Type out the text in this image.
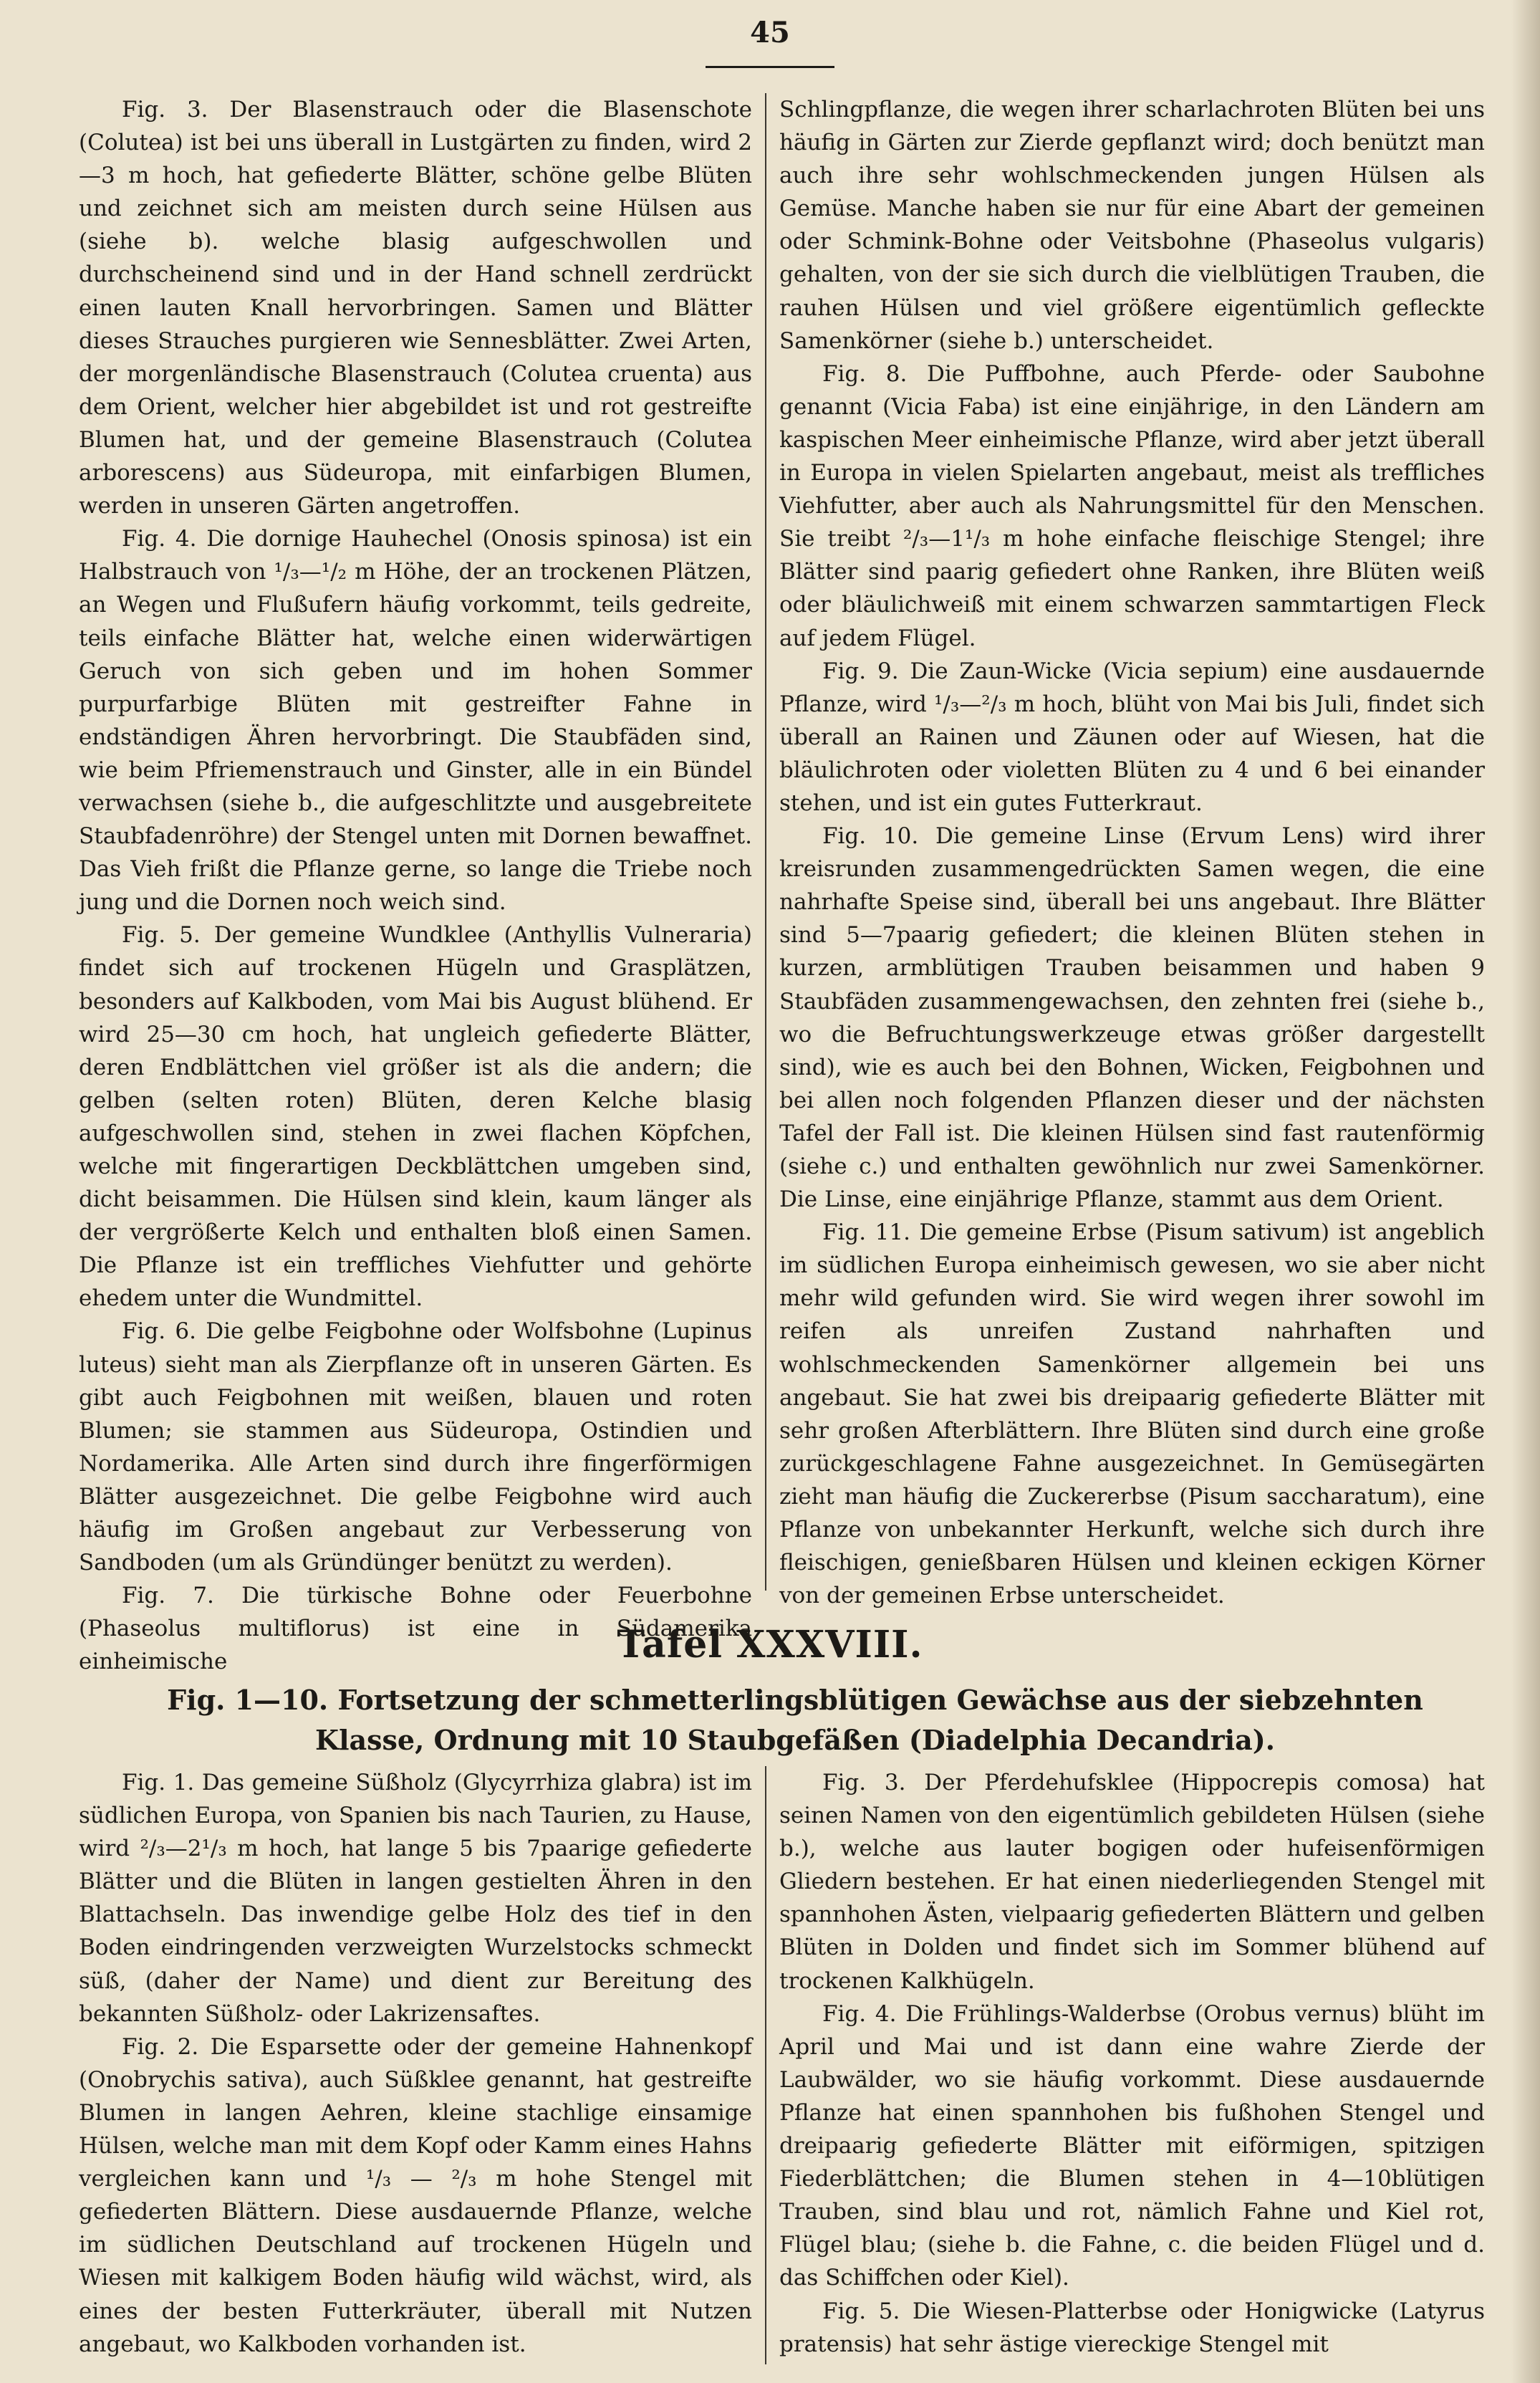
45

Fig. 3. Der Blasenstrauch oder die Blasenschote (Colutea) ist bei uns überall in Lustgärten zu finden, wird 2—3 m hoch, hat gefiederte Blätter, schöne gelbe Blüten und zeichnet sich am meisten durch seine Hülsen aus (siehe b). welche blasig aufgeschwollen und durchscheinend sind und in der Hand schnell zerdrückt einen lauten Knall hervorbringen. Samen und Blätter dieses Strauches purgieren wie Sennesblätter. Zwei Arten, der morgenländische Blasenstrauch (Colutea cruenta) aus dem Orient, welcher hier abgebildet ist und rot gestreifte Blumen hat, und der gemeine Blasenstrauch (Colutea arborescens) aus Südeuropa, mit einfarbigen Blumen, werden in unseren Gärten angetroffen.

Fig. 4. Die dornige Hauhechel (Onosis spinosa) ist ein Halbstrauch von ¹/₃—¹/₂ m Höhe, der an trockenen Plätzen, an Wegen und Flußufern häufig vorkommt, teils gedreite, teils einfache Blätter hat, welche einen widerwärtigen Geruch von sich geben und im hohen Sommer purpurfarbige Blüten mit gestreifter Fahne in endständigen Ähren hervorbringt. Die Staubfäden sind, wie beim Pfriemenstrauch und Ginster, alle in ein Bündel verwachsen (siehe b., die aufgeschlitzte und ausgebreitete Staubfadenröhre) der Stengel unten mit Dornen bewaffnet. Das Vieh frißt die Pflanze gerne, so lange die Triebe noch jung und die Dornen noch weich sind.

Fig. 5. Der gemeine Wundklee (Anthyllis Vulneraria) findet sich auf trockenen Hügeln und Grasplätzen, besonders auf Kalkboden, vom Mai bis August blühend. Er wird 25—30 cm hoch, hat ungleich gefiederte Blätter, deren Endblättchen viel größer ist als die andern; die gelben (selten roten) Blüten, deren Kelche blasig aufgeschwollen sind, stehen in zwei flachen Köpfchen, welche mit fingerartigen Deckblättchen umgeben sind, dicht beisammen. Die Hülsen sind klein, kaum länger als der vergrößerte Kelch und enthalten bloß einen Samen. Die Pflanze ist ein treffliches Viehfutter und gehörte ehedem unter die Wundmittel.

Fig. 6. Die gelbe Feigbohne oder Wolfsbohne (Lupinus luteus) sieht man als Zierpflanze oft in unseren Gärten. Es gibt auch Feigbohnen mit weißen, blauen und roten Blumen; sie stammen aus Südeuropa, Ostindien und Nordamerika. Alle Arten sind durch ihre fingerförmigen Blätter ausgezeichnet. Die gelbe Feigbohne wird auch häufig im Großen angebaut zur Verbesserung von Sandboden (um als Gründünger benützt zu werden).

Fig. 7. Die türkische Bohne oder Feuerbohne (Phaseolus multiflorus) ist eine in Südamerika einheimische

Schlingpflanze, die wegen ihrer scharlachroten Blüten bei uns häufig in Gärten zur Zierde gepflanzt wird; doch benützt man auch ihre sehr wohlschmeckenden jungen Hülsen als Gemüse. Manche haben sie nur für eine Abart der gemeinen oder Schmink-Bohne oder Veitsbohne (Phaseolus vulgaris) gehalten, von der sie sich durch die vielblütigen Trauben, die rauhen Hülsen und viel größere eigentümlich gefleckte Samenkörner (siehe b.) unterscheidet.

Fig. 8. Die Puffbohne, auch Pferde- oder Saubohne genannt (Vicia Faba) ist eine einjährige, in den Ländern am kaspischen Meer einheimische Pflanze, wird aber jetzt überall in Europa in vielen Spielarten angebaut, meist als treffliches Viehfutter, aber auch als Nahrungsmittel für den Menschen. Sie treibt ²/₃—1¹/₃ m hohe einfache fleischige Stengel; ihre Blätter sind paarig gefiedert ohne Ranken, ihre Blüten weiß oder bläulichweiß mit einem schwarzen sammtartigen Fleck auf jedem Flügel.

Fig. 9. Die Zaun-Wicke (Vicia sepium) eine ausdauernde Pflanze, wird ¹/₃—²/₃ m hoch, blüht von Mai bis Juli, findet sich überall an Rainen und Zäunen oder auf Wiesen, hat die bläulichroten oder violetten Blüten zu 4 und 6 bei einander stehen, und ist ein gutes Futterkraut.

Fig. 10. Die gemeine Linse (Ervum Lens) wird ihrer kreisrunden zusammengedrückten Samen wegen, die eine nahrhafte Speise sind, überall bei uns angebaut. Ihre Blätter sind 5—7paarig gefiedert; die kleinen Blüten stehen in kurzen, armblütigen Trauben beisammen und haben 9 Staubfäden zusammengewachsen, den zehnten frei (siehe b., wo die Befruchtungswerkzeuge etwas größer dargestellt sind), wie es auch bei den Bohnen, Wicken, Feigbohnen und bei allen noch folgenden Pflanzen dieser und der nächsten Tafel der Fall ist. Die kleinen Hülsen sind fast rautenförmig (siehe c.) und enthalten gewöhnlich nur zwei Samenkörner. Die Linse, eine einjährige Pflanze, stammt aus dem Orient.

Fig. 11. Die gemeine Erbse (Pisum sativum) ist angeblich im südlichen Europa einheimisch gewesen, wo sie aber nicht mehr wild gefunden wird. Sie wird wegen ihrer sowohl im reifen als unreifen Zustand nahrhaften und wohlschmeckenden Samenkörner allgemein bei uns angebaut. Sie hat zwei bis dreipaarig gefiederte Blätter mit sehr großen Afterblättern. Ihre Blüten sind durch eine große zurückgeschlagene Fahne ausgezeichnet. In Gemüsegärten zieht man häufig die Zuckererbse (Pisum saccharatum), eine Pflanze von unbekannter Herkunft, welche sich durch ihre fleischigen, genießbaren Hülsen und kleinen eckigen Körner von der gemeinen Erbse unterscheidet.

Tafel XXXVIII.
Fig. 1—10. Fortsetzung der schmetterlingsblütigen Gewächse aus der siebzehnten Klasse, Ordnung mit 10 Staubgefäßen (Diadelphia Decandria).

Fig. 1. Das gemeine Süßholz (Glycyrrhiza glabra) ist im südlichen Europa, von Spanien bis nach Taurien, zu Hause, wird ²/₃—2¹/₃ m hoch, hat lange 5 bis 7paarige gefiederte Blätter und die Blüten in langen gestielten Ähren in den Blattachseln. Das inwendige gelbe Holz des tief in den Boden eindringenden verzweigten Wurzelstocks schmeckt süß, (daher der Name) und dient zur Bereitung des bekannten Süßholz- oder Lakrizensaftes.

Fig. 2. Die Esparsette oder der gemeine Hahnenkopf (Onobrychis sativa), auch Süßklee genannt, hat gestreifte Blumen in langen Aehren, kleine stachlige einsamige Hülsen, welche man mit dem Kopf oder Kamm eines Hahns vergleichen kann und ¹/₃ — ²/₃ m hohe Stengel mit gefiederten Blättern. Diese ausdauernde Pflanze, welche im südlichen Deutschland auf trockenen Hügeln und Wiesen mit kalkigem Boden häufig wild wächst, wird, als eines der besten Futterkräuter, überall mit Nutzen angebaut, wo Kalkboden vorhanden ist.

Fig. 3. Der Pferdehufsklee (Hippocrepis comosa) hat seinen Namen von den eigentümlich gebildeten Hülsen (siehe b.), welche aus lauter bogigen oder hufeisenförmigen Gliedern bestehen. Er hat einen niederliegenden Stengel mit spannhohen Ästen, vielpaarig gefiederten Blättern und gelben Blüten in Dolden und findet sich im Sommer blühend auf trockenen Kalkhügeln.

Fig. 4. Die Frühlings-Walderbse (Orobus vernus) blüht im April und Mai und ist dann eine wahre Zierde der Laubwälder, wo sie häufig vorkommt. Diese ausdauernde Pflanze hat einen spannhohen bis fußhohen Stengel und dreipaarig gefiederte Blätter mit eiförmigen, spitzigen Fiederblättchen; die Blumen stehen in 4—10blütigen Trauben, sind blau und rot, nämlich Fahne und Kiel rot, Flügel blau; (siehe b. die Fahne, c. die beiden Flügel und d. das Schiffchen oder Kiel).

Fig. 5. Die Wiesen-Platterbse oder Honigwicke (Latyrus pratensis) hat sehr ästige viereckige Stengel mit
